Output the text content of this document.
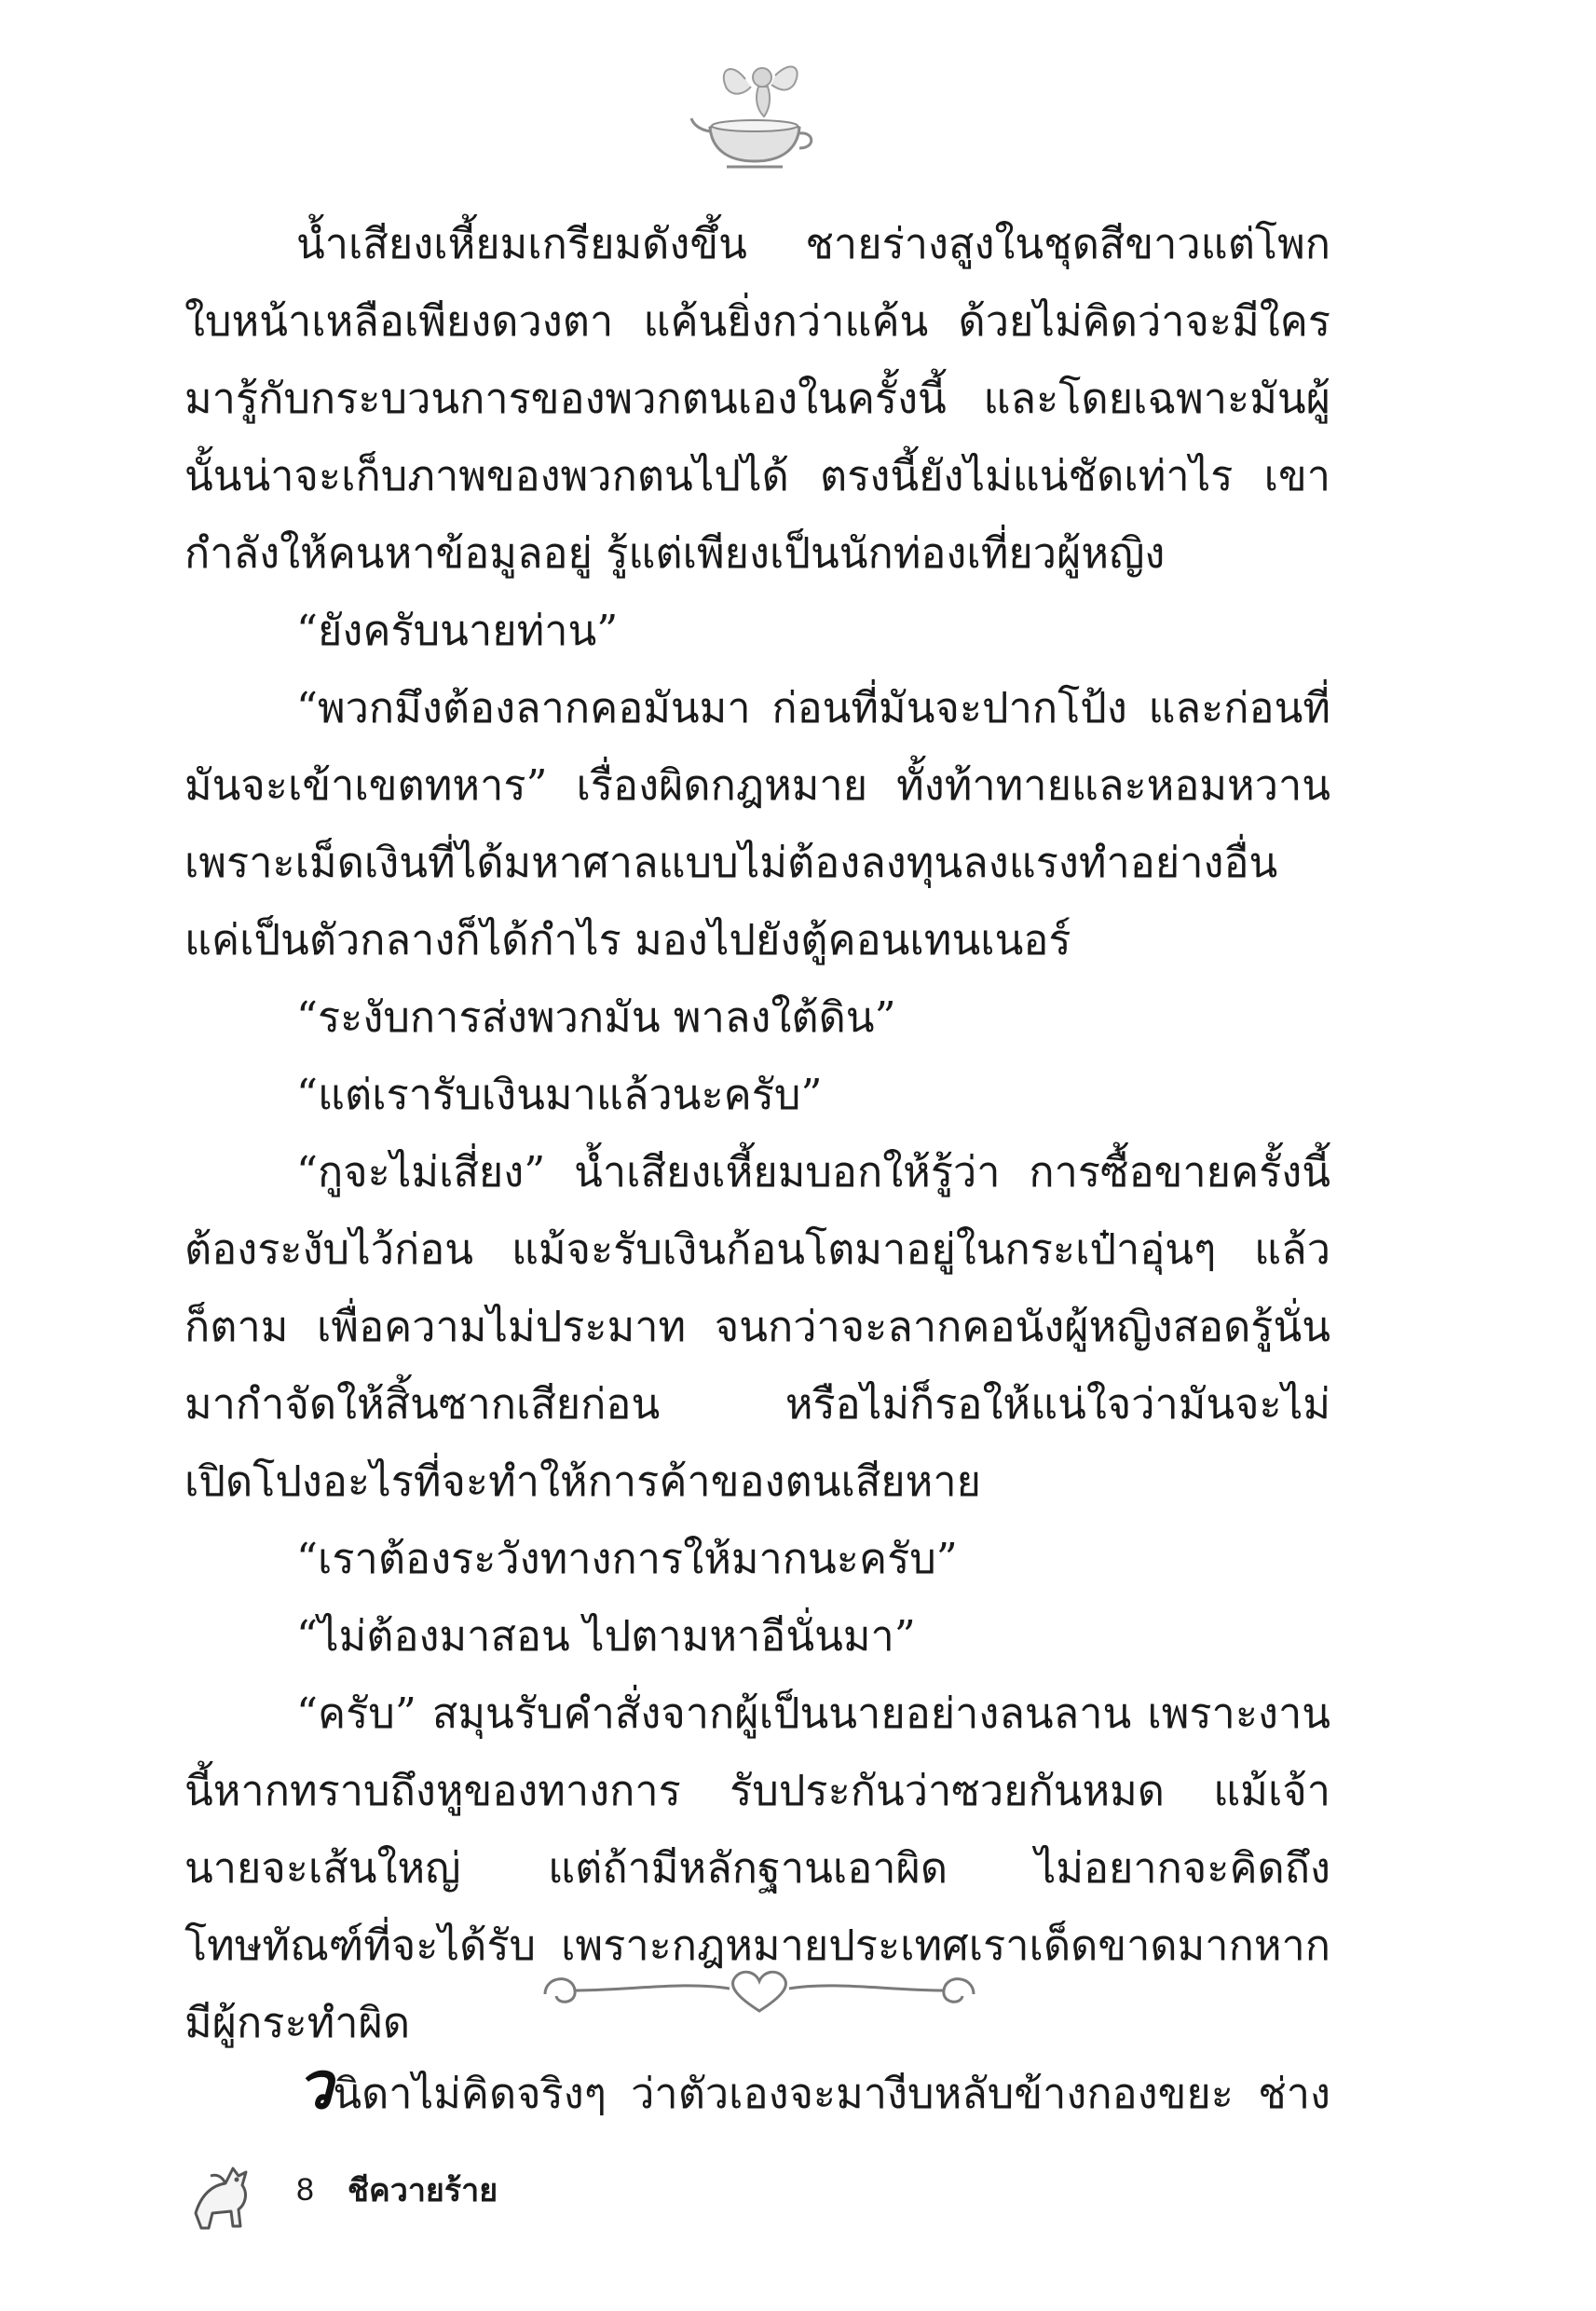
น้ำเสียงเหี้ยมเกรียมดังขึ้น ชายร่างสูงในชุดสีขาวแต่โพกใบหน้าเหลือเพียงดวงตา แค้นยิ่งกว่าแค้น ด้วยไม่คิดว่าจะมีใครมารู้กับกระบวนการของพวกตนเองในครั้งนี้ และโดยเฉพาะมันผู้นั้นน่าจะเก็บภาพของพวกตนไปได้ ตรงนี้ยังไม่แน่ชัดเท่าไร เขากำลังให้คนหาข้อมูลอยู่ รู้แต่เพียงเป็นนักท่องเที่ยวผู้หญิง

“ยังครับนายท่าน”

“พวกมึงต้องลากคอมันมา ก่อนที่มันจะปากโป้ง และก่อนที่มันจะเข้าเขตทหาร” เรื่องผิดกฎหมาย ทั้งท้าทายและหอมหวาน เพราะเม็ดเงินที่ได้มหาศาลแบบไม่ต้องลงทุนลงแรงทำอย่างอื่น แค่เป็นตัวกลางก็ได้กำไร มองไปยังตู้คอนเทนเนอร์

“ระงับการส่งพวกมัน พาลงใต้ดิน”

“แต่เรารับเงินมาแล้วนะครับ”

“กูจะไม่เสี่ยง” น้ำเสียงเหี้ยมบอกให้รู้ว่า การซื้อขายครั้งนี้ต้องระงับไว้ก่อน แม้จะรับเงินก้อนโตมาอยู่ในกระเป๋าอุ่นๆ แล้วก็ตาม เพื่อความไม่ประมาท จนกว่าจะลากคอนังผู้หญิงสอดรู้นั่นมากำจัดให้สิ้นซากเสียก่อน หรือไม่ก็รอให้แน่ใจว่ามันจะไม่เปิดโปงอะไรที่จะทำให้การค้าของตนเสียหาย

“เราต้องระวังทางการให้มากนะครับ”

“ไม่ต้องมาสอน ไปตามหาอีนั่นมา”

“ครับ” สมุนรับคำสั่งจากผู้เป็นนายอย่างลนลาน เพราะงานนี้หากทราบถึงหูของทางการ รับประกันว่าซวยกันหมด แม้เจ้านายจะเส้นใหญ่ แต่ถ้ามีหลักฐานเอาผิด ไม่อยากจะคิดถึงโทษทัณฑ์ที่จะได้รับ เพราะกฎหมายประเทศเราเด็ดขาดมากหากมีผู้กระทำผิด

วนิดาไม่คิดจริงๆ ว่าตัวเองจะมางีบหลับข้างกองขยะ ช่าง

8 ชีควายร้าย
